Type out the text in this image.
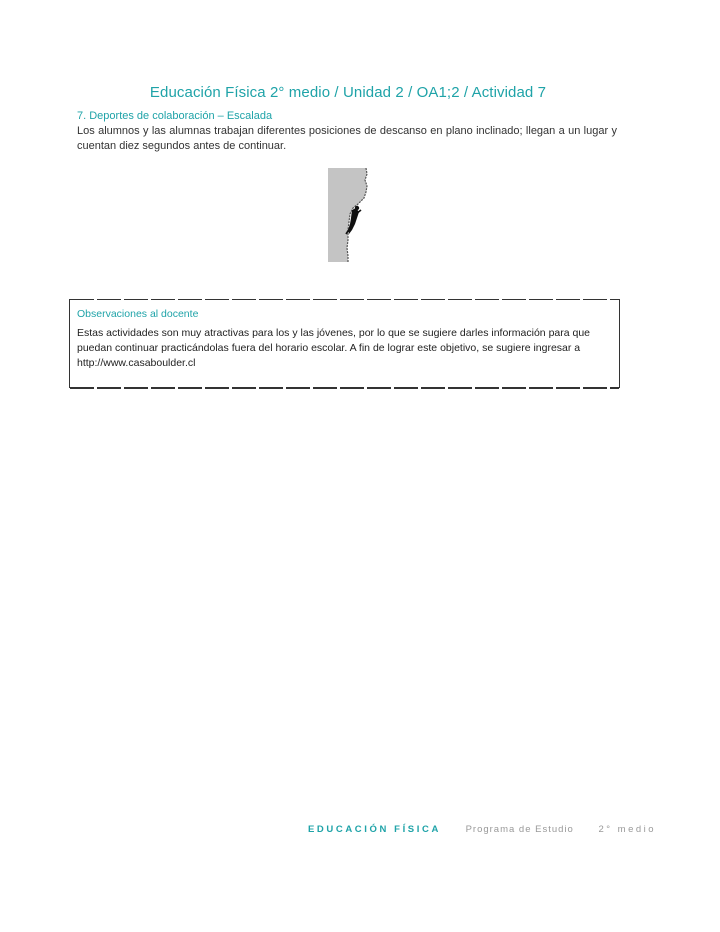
Educación Física 2° medio / Unidad 2 / OA1;2 / Actividad 7
7. Deportes de colaboración – Escalada
Los alumnos y las alumnas trabajan diferentes posiciones de descanso en plano inclinado; llegan a un lugar y cuentan diez segundos antes de continuar.
Observaciones al docente
Estas actividades son muy atractivas para los y las jóvenes, por lo que se sugiere darles información para que puedan continuar practicándolas fuera del horario escolar. A fin de lograr este objetivo, se sugiere ingresar a http://www.casaboulder.cl
EDUCACIÓN FÍSICA	Programa de Estudio	2° medio
